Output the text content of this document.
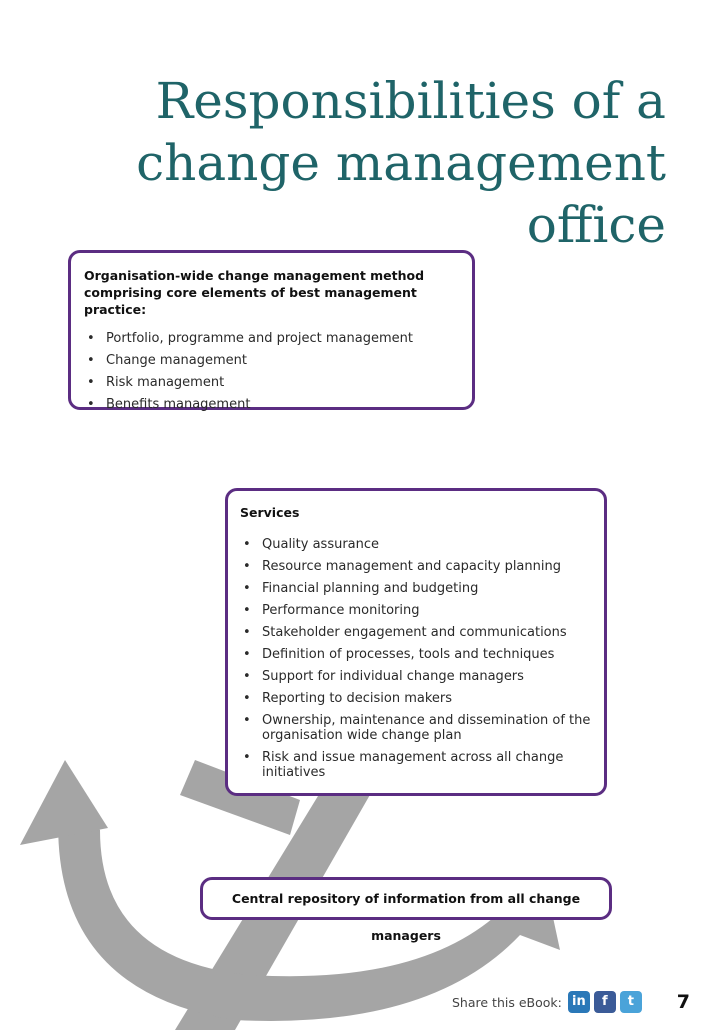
Responsibilities of a
change management
office

Organisation-wide change management method comprising core elements of best management practice:

• Portfolio, programme and project management
• Change management
• Risk management
• Benefits management

Services

• Quality assurance
• Resource management and capacity planning
• Financial planning and budgeting
• Performance monitoring
• Stakeholder engagement and communications
• Definition of processes, tools and techniques
• Support for individual change managers
• Reporting to decision makers
• Ownership, maintenance and dissemination of the organisation wide change plan
• Risk and issue management across all change initiatives

Central repository of information from all change managers

Share this eBook: in	f	t	7
